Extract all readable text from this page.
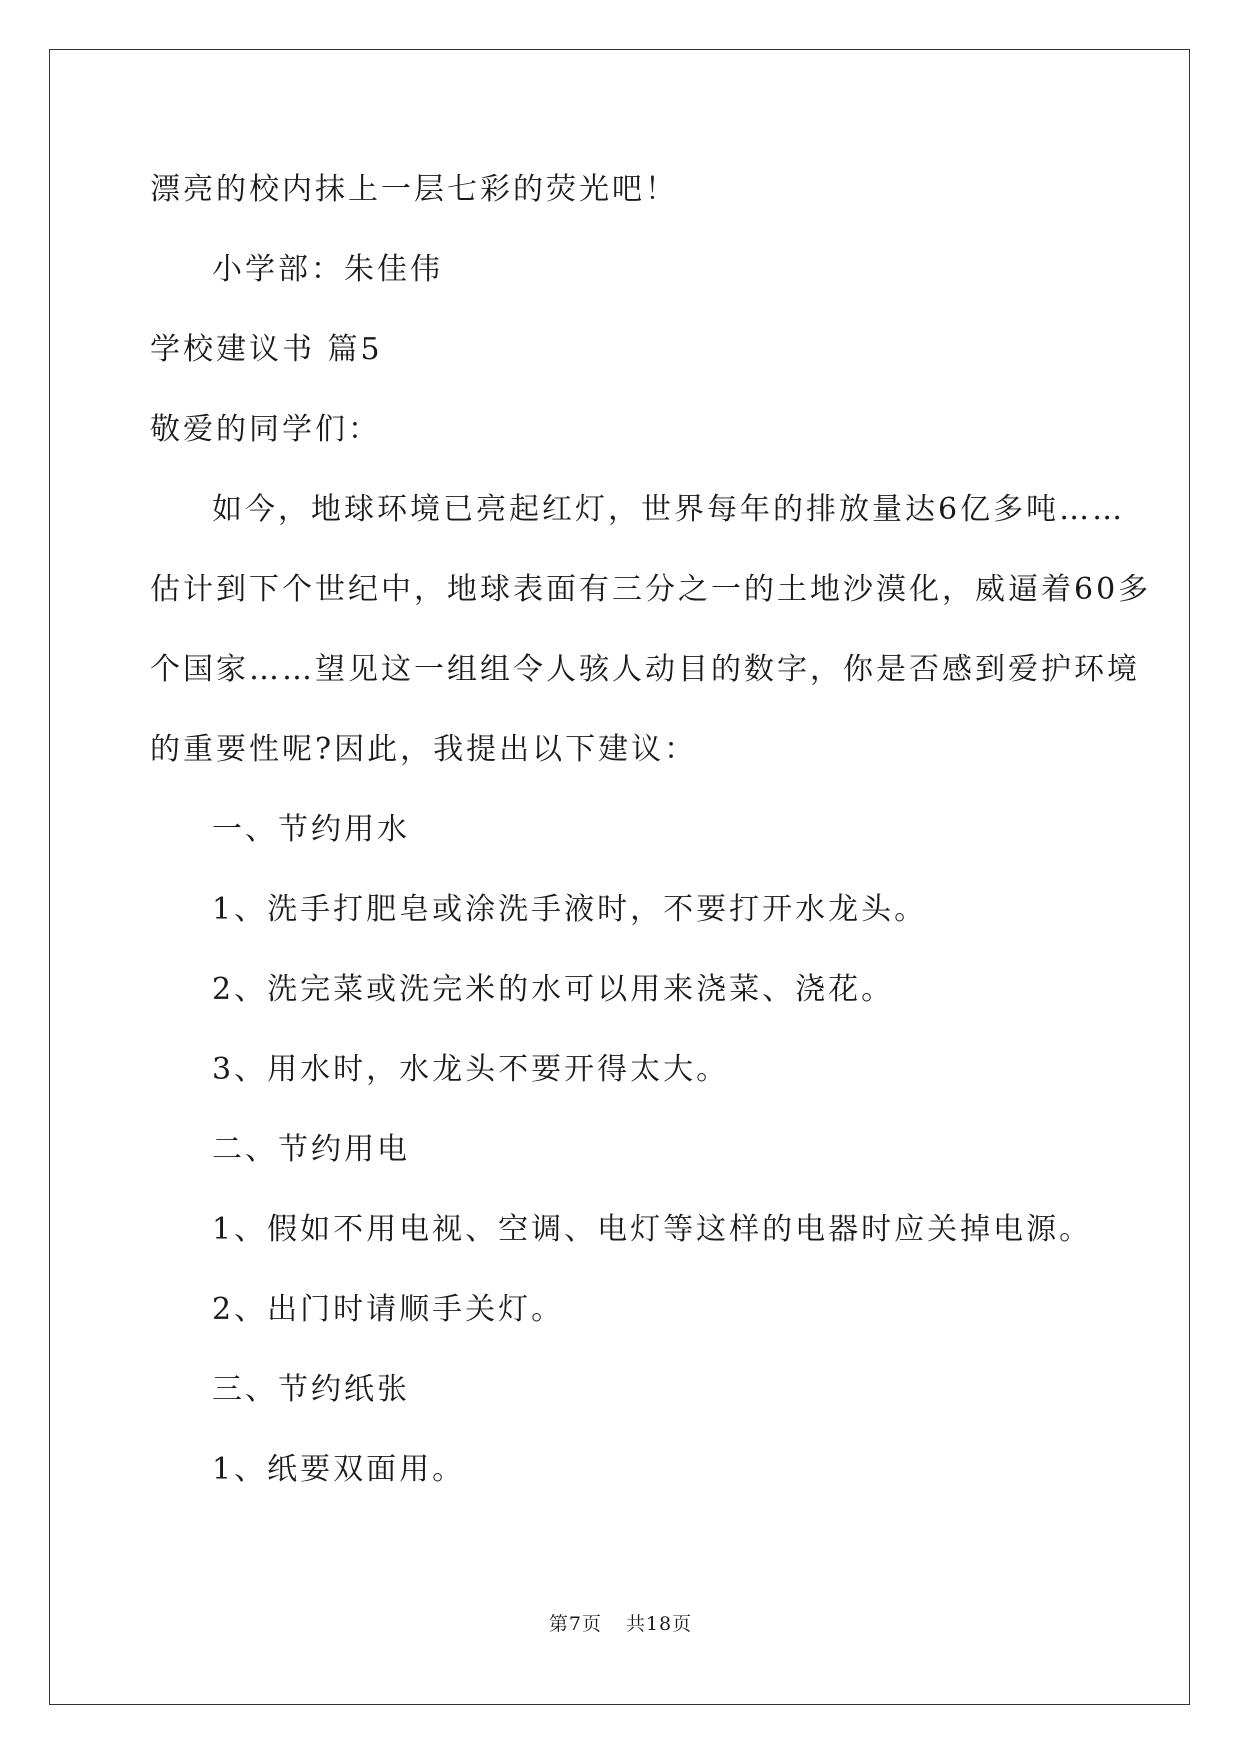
漂亮的校内抹上一层七彩的荧光吧！
小学部：朱佳伟
学校建议书 篇5
敬爱的同学们：
如今，地球环境已亮起红灯，世界每年的排放量达6亿多吨……
估计到下个世纪中，地球表面有三分之一的土地沙漠化，威逼着60多
个国家……望见这一组组令人骇人动目的数字，你是否感到爱护环境
的重要性呢?因此，我提出以下建议：
一、节约用水
1、洗手打肥皂或涂洗手液时，不要打开水龙头。
2、洗完菜或洗完米的水可以用来浇菜、浇花。
3、用水时，水龙头不要开得太大。
二、节约用电
1、假如不用电视、空调、电灯等这样的电器时应关掉电源。
2、出门时请顺手关灯。
三、节约纸张
1、纸要双面用。
第7页 共18页
